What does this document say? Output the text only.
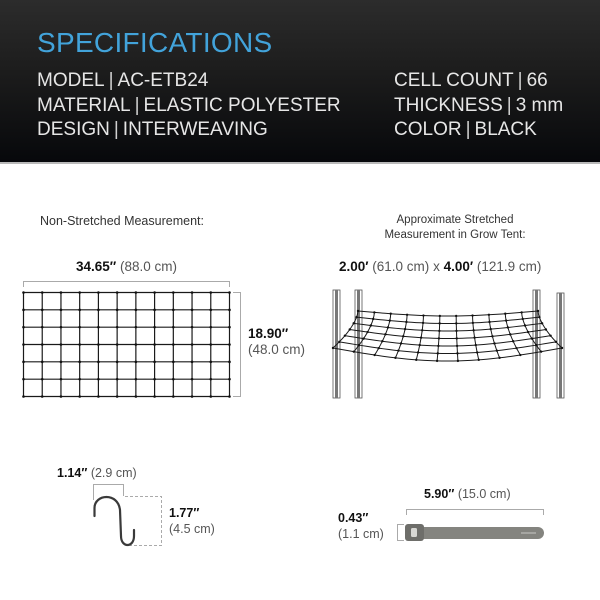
SPECIFICATIONS
MODEL | AC-ETB24
MATERIAL | ELASTIC POLYESTER
DESIGN | INTERWEAVING
CELL COUNT | 66
THICKNESS | 3 mm
COLOR | BLACK
Non-Stretched Measurement:
34.65″ (88.0 cm)
18.90″
(48.0 cm)
Approximate Stretched
Measurement in Grow Tent:
2.00′ (61.0 cm) x 4.00′ (121.9 cm)
1.14″ (2.9 cm)
1.77″
(4.5 cm)
5.90″ (15.0 cm)
0.43″
(1.1 cm)
